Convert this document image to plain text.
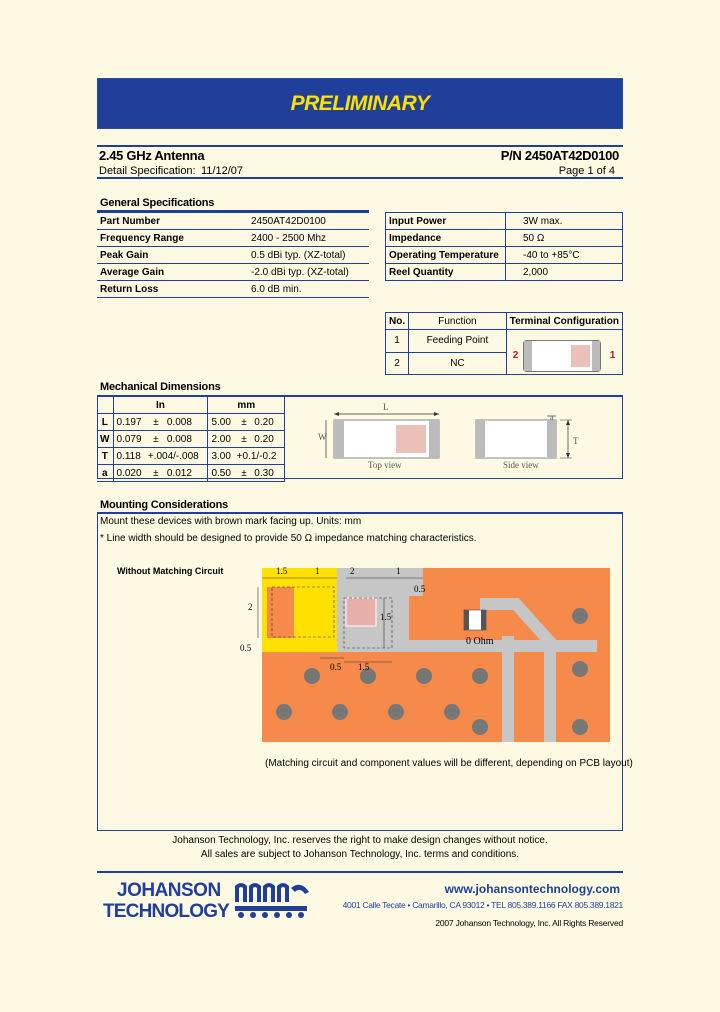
PRELIMINARY
2.45 GHz Antenna	P/N 2450AT42D0100
Detail Specification: 11/12/07	Page 1 of 4
General Specifications
Part Number	2450AT42D0100
Frequency Range	2400 - 2500 Mhz
Peak Gain	0.5 dBi typ. (XZ-total)
Average Gain	-2.0 dBi typ. (XZ-total)
Return Loss	6.0 dB min.
Input Power	3W max.
Impedance	50 Ω
Operating Temperature	-40 to +85°C
Reel Quantity	2,000
No.	Function	Terminal Configuration
1	Feeding Point	2 1

2	NC	
Mechanical Dimensions
	In			mm		
L	0.197	±	0.008	5.00	±	0.20
W	0.079	±	0.008	2.00	±	0.20
T	0.118	+.004/-.008		3.00	+0.1/-0.2	
a	0.020	±	0.012	0.50	±	0.30
L
W
Top view
a
T
Side view
Mounting Considerations
Mount these devices with brown mark facing up. Units: mm
* Line width should be designed to provide 50 Ω impedance matching characteristics.
Without Matching Circuit	1.5	1	2	1
0.5
2
0.5
1.5
0.5 1.5
0 Ohm
(Matching circuit and component values will be different, depending on PCB layout)
Johanson Technology, Inc. reserves the right to make design changes without notice.
All sales are subject to Johanson Technology, Inc. terms and conditions.
JOHANSON
TECHNOLOGY
www.johansontechnology.com
4001 Calle Tecate • Camarillo, CA 93012 • TEL 805.389.1166 FAX 805.389.1821
2007 Johanson Technology, Inc. All Rights Reserved
